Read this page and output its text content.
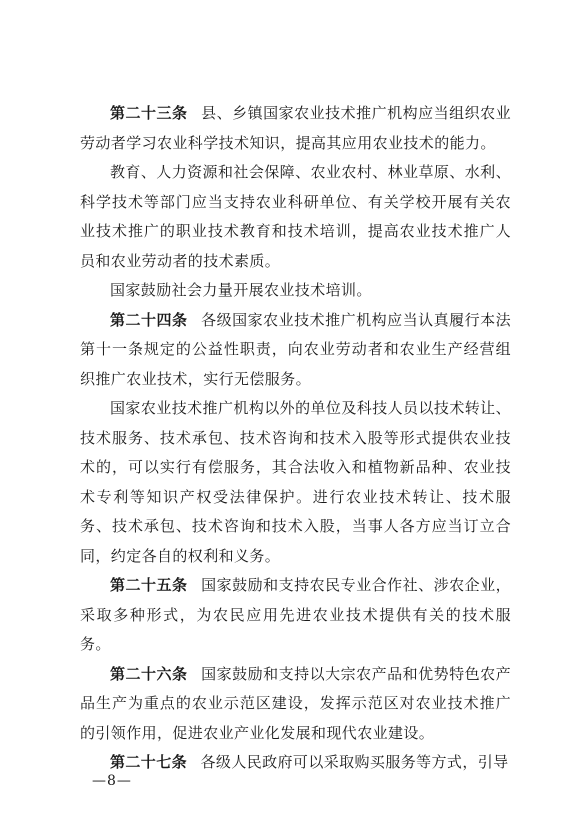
第二十三条 县、乡镇国家农业技术推广机构应当组织农业劳动者学习农业科学技术知识，提高其应用农业技术的能力。

教育、人力资源和社会保障、农业农村、林业草原、水利、科学技术等部门应当支持农业科研单位、有关学校开展有关农业技术推广的职业技术教育和技术培训，提高农业技术推广人员和农业劳动者的技术素质。

国家鼓励社会力量开展农业技术培训。

第二十四条 各级国家农业技术推广机构应当认真履行本法第十一条规定的公益性职责，向农业劳动者和农业生产经营组织推广农业技术，实行无偿服务。

国家农业技术推广机构以外的单位及科技人员以技术转让、技术服务、技术承包、技术咨询和技术入股等形式提供农业技术的，可以实行有偿服务，其合法收入和植物新品种、农业技术专利等知识产权受法律保护。进行农业技术转让、技术服务、技术承包、技术咨询和技术入股，当事人各方应当订立合同，约定各自的权利和义务。

第二十五条 国家鼓励和支持农民专业合作社、涉农企业，采取多种形式，为农民应用先进农业技术提供有关的技术服务。

第二十六条 国家鼓励和支持以大宗农产品和优势特色农产品生产为重点的农业示范区建设，发挥示范区对农业技术推广的引领作用，促进农业产业化发展和现代农业建设。

第二十七条 各级人民政府可以采取购买服务等方式，引导

—8—
